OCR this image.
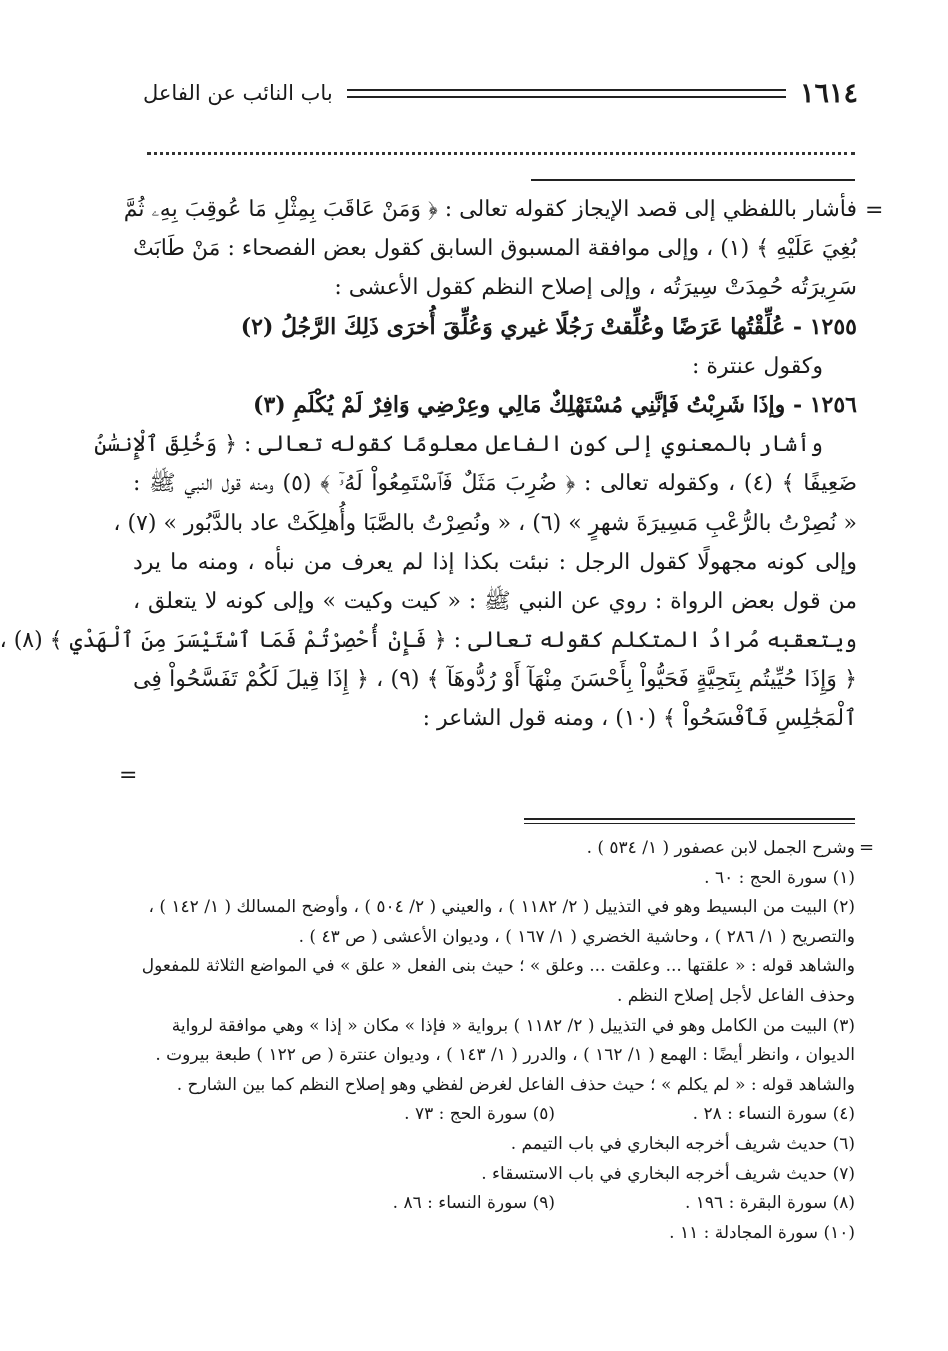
١٦١٤
باب النائب عن الفاعل
=
فأشار باللفظي إلى قصد الإيجاز كقوله تعالى : ﴿ وَمَنْ عَاقَبَ بِمِثْلِ مَا عُوقِبَ بِهِۦ ثُمَّ
بُغِيَ عَلَيْهِ ﴾ (١) ، وإلى موافقة المسبوق السابق كقول بعض الفصحاء : مَنْ طَابَتْ
سَرِيرَتُه حُمِدَتْ سِيرَتُه ، وإلى إصلاح النظم كقول الأعشى :
١٢٥٥ - عُلِّقْتُها عَرَضًا وعُلِّقتْ رَجُلًا غيري وَعُلِّقَ أُخرَى ذَلِكَ الرَّجُلُ (٢)
وكقول عنترة :
١٢٥٦ - وإذَا شَرِبْتُ فَإنَّنِي مُسْتَهْلِكٌ مَالِي وعِرْضِي وَافِرٌ لَمْ يُكْلَمِ (٣)
وأشار بالمعنوي إلى كون الفاعل معلومًا كقوله تعالى : ﴿ وَخُلِقَ ٱلْإِنسَٰنُ
ضَعِيفًا ﴾ (٤) ، وكقوله تعالى : ﴿ ضُرِبَ مَثَلٌ فَٱسْتَمِعُواْ لَهُۥٓ ﴾ (٥) ومنه قول النبي ﷺ :
« نُصِرْتُ بالرُّعْبِ مَسِيرَةَ شهرٍ » (٦) ، « ونُصِرْتُ بالصَّبَا وأُهلِكَتْ عاد بالدَّبُور » (٧) ،
وإلى كونه مجهولًا كقول الرجل : نبئت بكذا إذا لم يعرف من نبأه ، ومنه ما يرد
من قول بعض الرواة : روي عن النبي ﷺ : « كيت وكيت » وإلى كونه لا يتعلق ،
ويتعقبه مُرادُ المتكلم كقوله تعالى : ﴿ فَإِنْ أُحْصِرْتُمْ فَمَا ٱسْتَيْسَرَ مِنَ ٱلْهَدْيِ ﴾ (٨) ،
﴿ وَإِذَا حُيِّيتُم بِتَحِيَّةٍ فَحَيُّواْ بِأَحْسَنَ مِنْهَآ أَوْ رُدُّوهَآ ﴾ (٩) ، ﴿ إِذَا قِيلَ لَكُمْ تَفَسَّحُواْ فِى
ٱلْمَجَٰلِسِ فَٱفْسَحُواْ ﴾ (١٠) ، ومنه قول الشاعر :
=
=
وشرح الجمل لابن عصفور ( ١/ ٥٣٤ ) .
(١) سورة الحج : ٦٠ .
(٢) البيت من البسيط وهو في التذييل ( ٢/ ١١٨٢ ) ، والعيني ( ٢/ ٥٠٤ ) ، وأوضح المسالك ( ١/ ١٤٢ ) ،
والتصريح ( ١/ ٢٨٦ ) ، وحاشية الخضري ( ١/ ١٦٧ ) ، وديوان الأعشى ( ص ٤٣ ) .
والشاهد قوله : « علقتها ... وعلقت ... وعلق » ؛ حيث بنى الفعل « علق » في المواضع الثلاثة للمفعول
وحذف الفاعل لأجل إصلاح النظم .
(٣) البيت من الكامل وهو في التذييل ( ٢/ ١١٨٢ ) برواية « فإذا » مكان « إذا » وهي موافقة لرواية
الديوان ، وانظر أيضًا : الهمع ( ١/ ١٦٢ ) ، والدرر ( ١/ ١٤٣ ) ، وديوان عنترة ( ص ١٢٢ ) طبعة بيروت .
والشاهد قوله : « لم يكلم » ؛ حيث حذف الفاعل لغرض لفظي وهو إصلاح النظم كما بين الشارح .
(٤) سورة النساء : ٢٨ .
(٥) سورة الحج : ٧٣ .
(٦) حديث شريف أخرجه البخاري في باب التيمم .
(٧) حديث شريف أخرجه البخاري في باب الاستسقاء .
(٨) سورة البقرة : ١٩٦ .
(٩) سورة النساء : ٨٦ .
(١٠) سورة المجادلة : ١١ .
